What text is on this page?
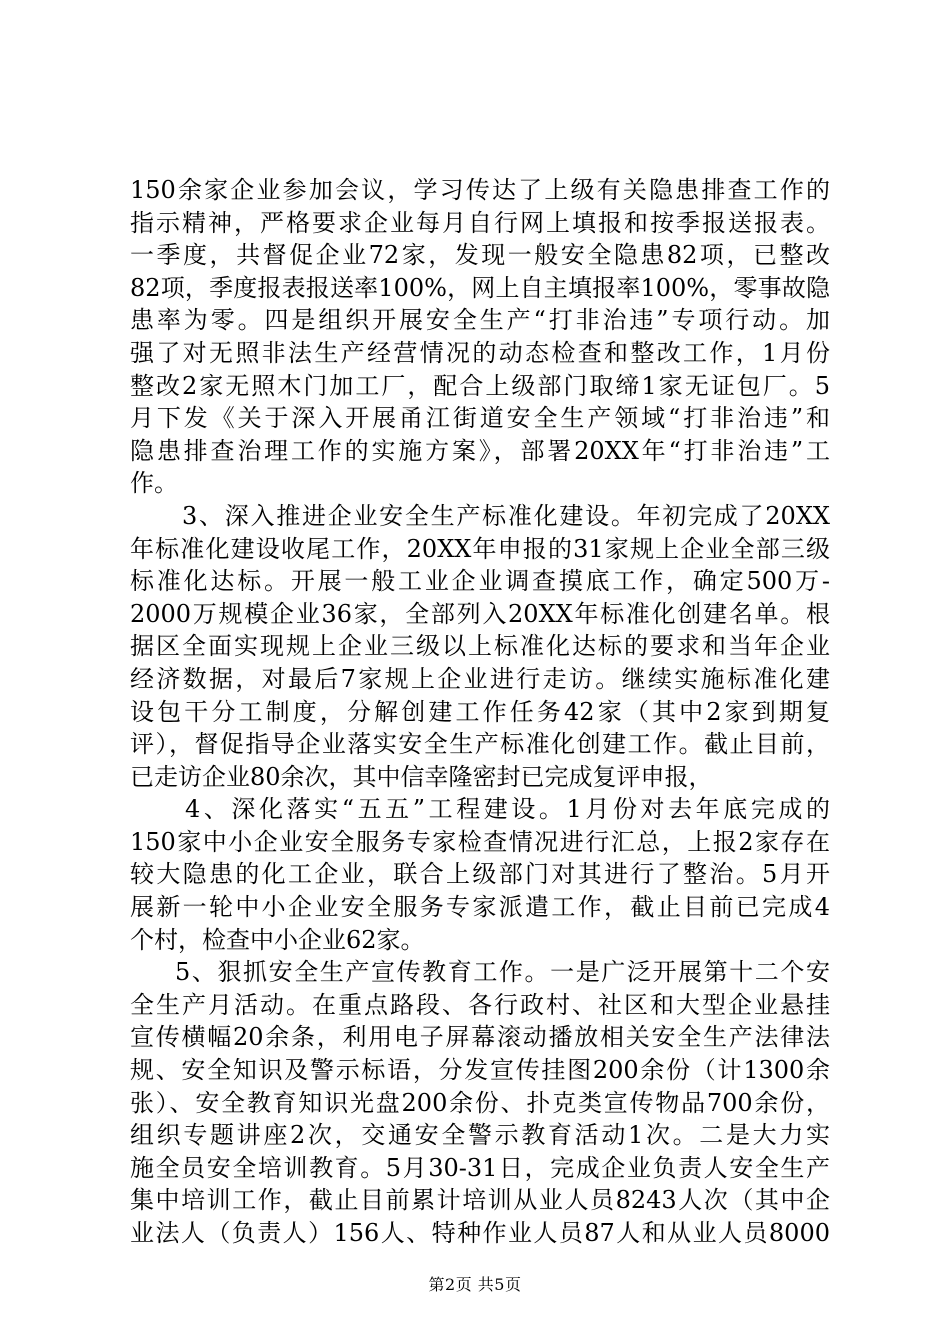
150余家企业参加会议，学习传达了上级有关隐患排查工作的
指示精神，严格要求企业每月自行网上填报和按季报送报表。
一季度，共督促企业72家，发现一般安全隐患82项，已整改
82项，季度报表报送率100%，网上自主填报率100%，零事故隐
患率为零。四是组织开展安全生产“打非治违”专项行动。加
强了对无照非法生产经营情况的动态检查和整改工作，1月份
整改2家无照木门加工厂，配合上级部门取缔1家无证包厂。5
月下发《关于深入开展甬江街道安全生产领域“打非治违”和
隐患排查治理工作的实施方案》，部署20XX年“打非治违”工
作。
3、深入推进企业安全生产标准化建设。年初完成了20XX
年标准化建设收尾工作，20XX年申报的31家规上企业全部三级
标准化达标。开展一般工业企业调查摸底工作，确定500万-
2000万规模企业36家，全部列入20XX年标准化创建名单。根
据区全面实现规上企业三级以上标准化达标的要求和当年企业
经济数据，对最后7家规上企业进行走访。继续实施标准化建
设包干分工制度，分解创建工作任务42家（其中2家到期复
评），督促指导企业落实安全生产标准化创建工作。截止目前，
已走访企业80余次，其中信幸隆密封已完成复评申报，
4、深化落实“五五”工程建设。1月份对去年底完成的
150家中小企业安全服务专家检查情况进行汇总，上报2家存在
较大隐患的化工企业，联合上级部门对其进行了整治。5月开
展新一轮中小企业安全服务专家派遣工作，截止目前已完成4
个村，检查中小企业62家。
5、狠抓安全生产宣传教育工作。一是广泛开展第十二个安
全生产月活动。在重点路段、各行政村、社区和大型企业悬挂
宣传横幅20余条，利用电子屏幕滚动播放相关安全生产法律法
规、安全知识及警示标语，分发宣传挂图200余份（计1300余
张）、安全教育知识光盘200余份、扑克类宣传物品700余份，
组织专题讲座2次，交通安全警示教育活动1次。二是大力实
施全员安全培训教育。5月30-31日，完成企业负责人安全生产
集中培训工作，截止目前累计培训从业人员8243人次（其中企
业法人（负责人）156人、特种作业人员87人和从业人员8000
第2页 共5页
